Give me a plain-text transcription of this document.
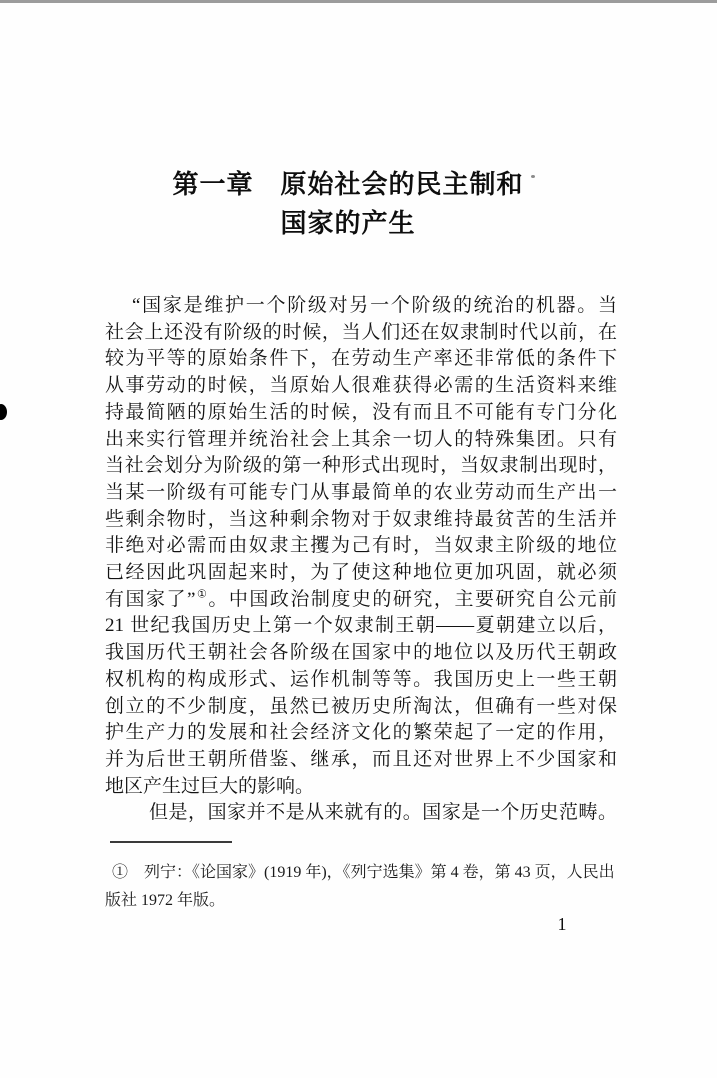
第一章　原始社会的民主制和
国家的产生
“国家是维护一个阶级对另一个阶级的统治的机器。当
社会上还没有阶级的时候，当人们还在奴隶制时代以前，在
较为平等的原始条件下，在劳动生产率还非常低的条件下
从事劳动的时候，当原始人很难获得必需的生活资料来维
持最简陋的原始生活的时候，没有而且不可能有专门分化
出来实行管理并统治社会上其余一切人的特殊集团。只有
当社会划分为阶级的第一种形式出现时，当奴隶制出现时，
当某一阶级有可能专门从事最简单的农业劳动而生产出一
些剩余物时，当这种剩余物对于奴隶维持最贫苦的生活并
非绝对必需而由奴隶主攫为己有时，当奴隶主阶级的地位
已经因此巩固起来时，为了使这种地位更加巩固，就必须
有国家了”①。中国政治制度史的研究，主要研究自公元前
21 世纪我国历史上第一个奴隶制王朝——夏朝建立以后，
我国历代王朝社会各阶级在国家中的地位以及历代王朝政
权机构的构成形式、运作机制等等。我国历史上一些王朝
创立的不少制度，虽然已被历史所淘汰，但确有一些对保
护生产力的发展和社会经济文化的繁荣起了一定的作用，
并为后世王朝所借鉴、继承，而且还对世界上不少国家和
地区产生过巨大的影响。
但是，国家并不是从来就有的。国家是一个历史范畴。
①　列宁：《论国家》(1919 年)，《列宁选集》第 4 卷，第 43 页，人民出
版社 1972 年版。
1
